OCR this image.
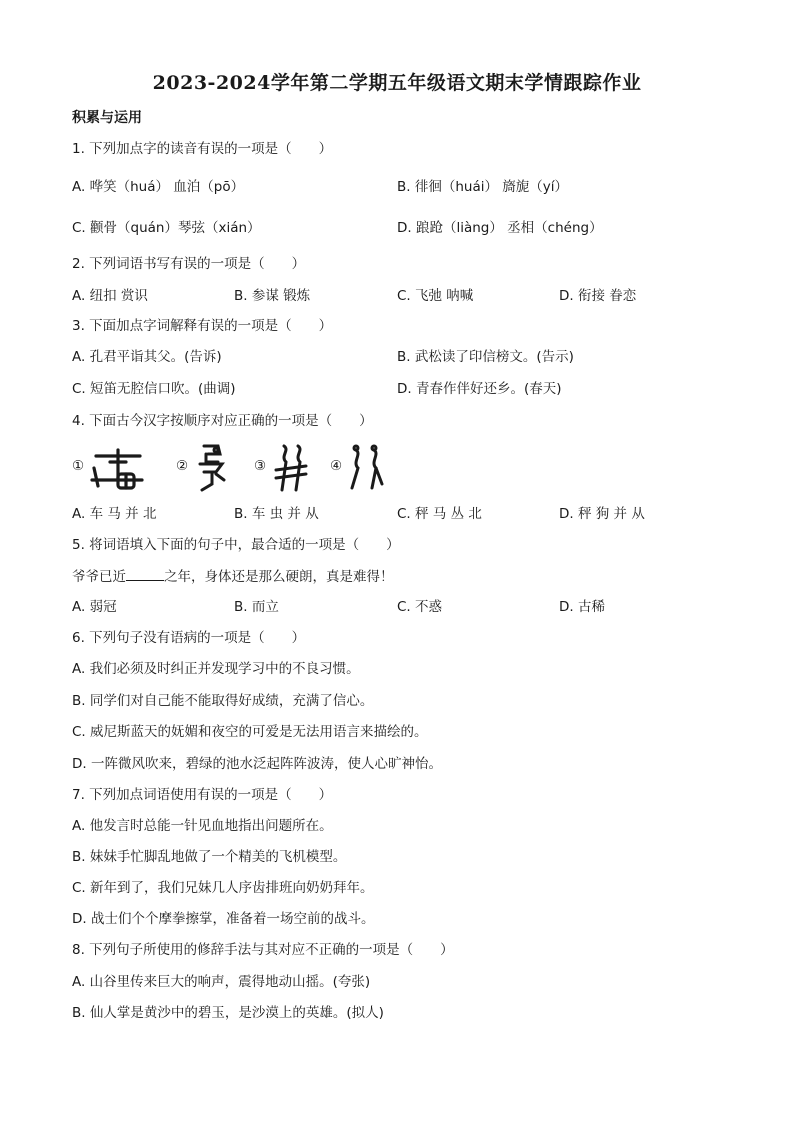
2023-2024学年第二学期五年级语文期末学情跟踪作业
积累与运用
1. 下列加点字的读音有误的一项是（　　）
A. 哗笑（huá） 血泊（pō）	B. 徘徊（huái） 旖旎（yí）
C. 颧骨（quán）琴弦（xián）	D. 踉跄（liàng） 丞相（chéng）
2. 下列词语书写有误的一项是（　　）
A. 纽扣 赏识	B. 参谋 锻炼	C. 飞弛 呐喊	D. 衔接 眷恋
3. 下面加点字词解释有误的一项是（　　）
A. 孔君平诣其父。(告诉)	B. 武松读了印信榜文。(告示)
C. 短笛无腔信口吹。(曲调)	D. 青春作伴好还乡。(春天)
4. 下面古今汉字按顺序对应正确的一项是（　　）
①	②	③	④
A. 车 马 并 北	B. 车 虫 并 从	C. 秤 马 丛 北	D. 秤 狗 并 从
5. 将词语填入下面的句子中，最合适的一项是（　　）
爷爷已近	之年，身体还是那么硬朗，真是难得！
A. 弱冠	B. 而立	C. 不惑	D. 古稀
6. 下列句子没有语病的一项是（　　）
A. 我们必须及时纠正并发现学习中的不良习惯。
B. 同学们对自己能不能取得好成绩，充满了信心。
C. 威尼斯蓝天的妩媚和夜空的可爱是无法用语言来描绘的。
D. 一阵微风吹来，碧绿的池水泛起阵阵波涛，使人心旷神怡。
7. 下列加点词语使用有误的一项是（　　）
A. 他发言时总能一针见血地指出问题所在。
B. 妹妹手忙脚乱地做了一个精美的飞机模型。
C. 新年到了，我们兄妹几人序齿排班向奶奶拜年。
D. 战士们个个摩拳擦掌，准备着一场空前的战斗。
8. 下列句子所使用的修辞手法与其对应不正确的一项是（　　）
A. 山谷里传来巨大的响声，震得地动山摇。(夸张)
B. 仙人掌是黄沙中的碧玉，是沙漠上的英雄。(拟人)
